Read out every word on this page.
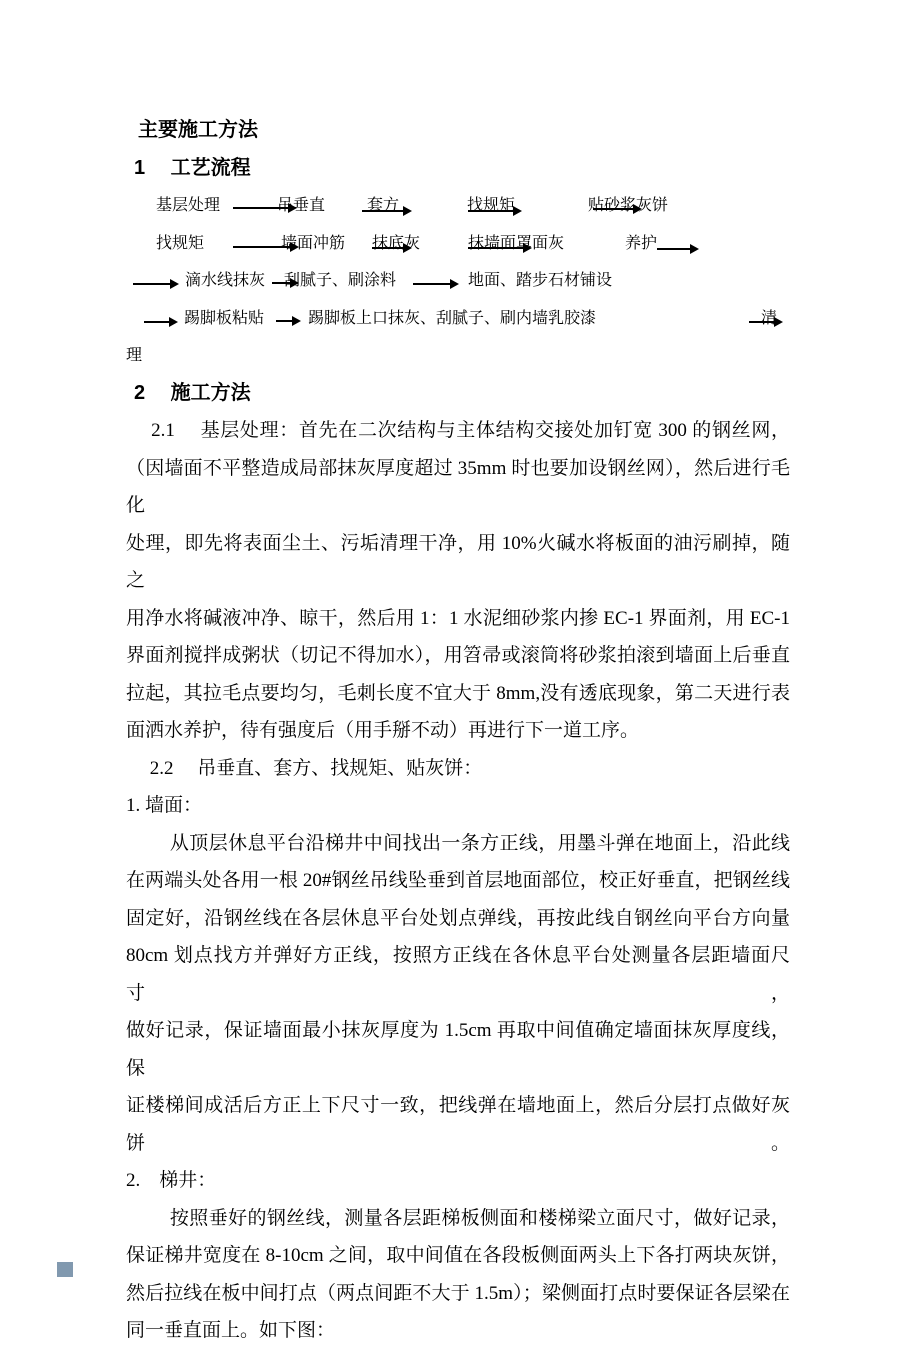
主要施工方法
1　 工艺流程
基层处理	吊垂直	套方	找规矩	贴砂浆灰饼
找规矩	墙面冲筋 抹底灰	抹墙面罩面灰	养护
滴水线抹灰 刮腻子、刷涂料	地面、踏步石材铺设
踢脚板粘贴	踢脚板上口抹灰、刮腻子、刷内墙乳胶漆	清
理
2　 施工方法
　 2.1　 基层处理：首先在二次结构与主体结构交接处加钉宽 300 的钢丝网，
（因墙面不平整造成局部抹灰厚度超过 35mm 时也要加设钢丝网），然后进行毛化
处理，即先将表面尘土、污垢清理干净，用 10%火碱水将板面的油污刷掉，随之
用净水将碱液冲净、晾干，然后用 1：1 水泥细砂浆内掺 EC-1 界面剂，用 EC-1
界面剂搅拌成粥状（切记不得加水），用笤帚或滚筒将砂浆拍滚到墙面上后垂直
拉起，其拉毛点要均匀，毛刺长度不宜大于 8mm,没有透底现象，第二天进行表
面洒水养护，待有强度后（用手掰不动）再进行下一道工序。
　 2.2　 吊垂直、套方、找规矩、贴灰饼：
1. 墙面：
　　 从顶层休息平台沿梯井中间找出一条方正线，用墨斗弹在地面上，沿此线
在两端头处各用一根 20#钢丝吊线坠垂到首层地面部位，校正好垂直，把钢丝线
固定好，沿钢丝线在各层休息平台处划点弹线，再按此线自钢丝向平台方向量
80cm 划点找方并弹好方正线，按照方正线在各休息平台处测量各层距墙面尺寸，
做好记录，保证墙面最小抹灰厚度为 1.5cm 再取中间值确定墙面抹灰厚度线，保
证楼梯间成活后方正上下尺寸一致，把线弹在墙地面上，然后分层打点做好灰饼。
2.　梯井：
　　 按照垂好的钢丝线，测量各层距梯板侧面和楼梯梁立面尺寸，做好记录，
保证梯井宽度在 8-10cm 之间，取中间值在各段板侧面两头上下各打两块灰饼，
然后拉线在板中间打点（两点间距不大于 1.5m）；梁侧面打点时要保证各层梁在
同一垂直面上。如下图：
